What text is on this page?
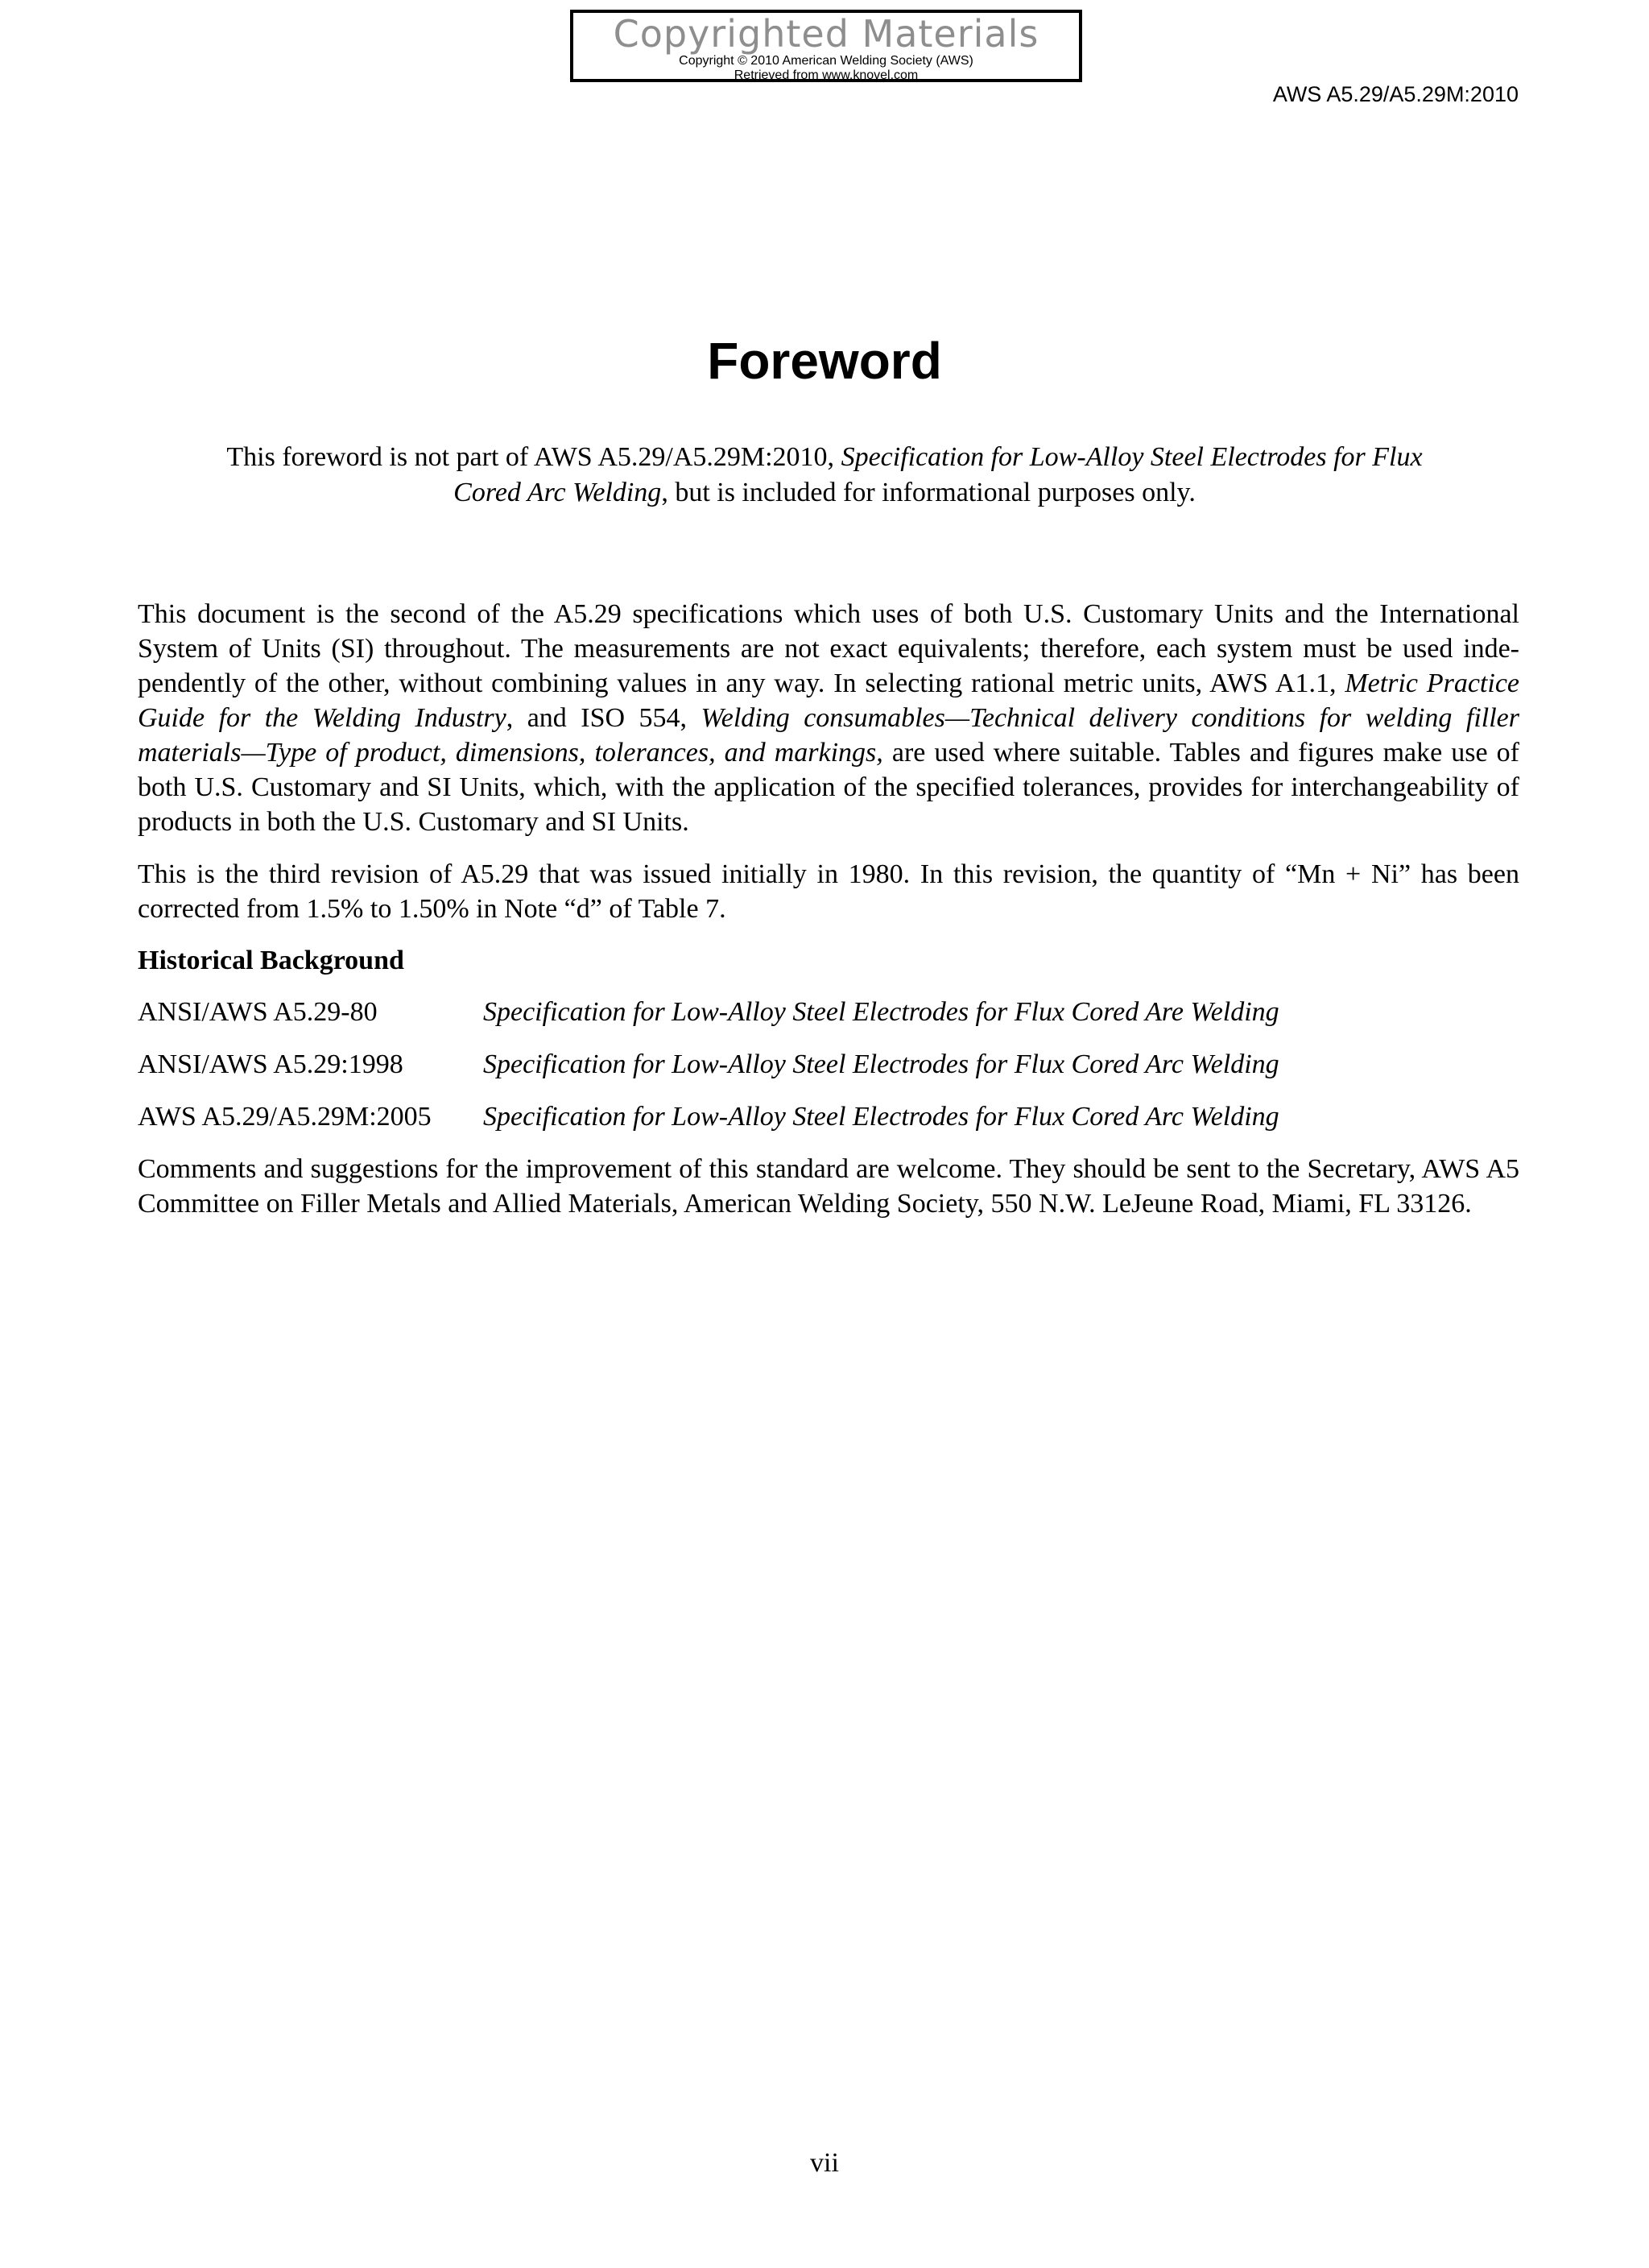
Copyrighted Materials
Copyright © 2010 American Welding Society (AWS)
Retrieved from www.knovel.com
AWS A5.29/A5.29M:2010
Foreword

This foreword is not part of AWS A5.29/A5.29M:2010, Specification for Low-Alloy Steel Electrodes for Flux Cored Arc Welding, but is included for informational purposes only.

This document is the second of the A5.29 specifications which uses of both U.S. Customary Units and the International System of Units (SI) throughout. The measurements are not exact equivalents; therefore, each system must be used independently of the other, without combining values in any way. In selecting rational metric units, AWS A1.1, Metric Practice Guide for the Welding Industry, and ISO 554, Welding consumables—Technical delivery conditions for welding filler materials—Type of product, dimensions, tolerances, and markings, are used where suitable. Tables and figures make use of both U.S. Customary and SI Units, which, with the application of the specified tolerances, provides for interchangeability of products in both the U.S. Customary and SI Units.

This is the third revision of A5.29 that was issued initially in 1980. In this revision, the quantity of “Mn + Ni” has been corrected from 1.5% to 1.50% in Note “d” of Table 7.

Historical Background

ANSI/AWS A5.29-80	Specification for Low-Alloy Steel Electrodes for Flux Cored Are Welding
ANSI/AWS A5.29:1998	Specification for Low-Alloy Steel Electrodes for Flux Cored Arc Welding
AWS A5.29/A5.29M:2005 Specification for Low-Alloy Steel Electrodes for Flux Cored Arc Welding

Comments and suggestions for the improvement of this standard are welcome. They should be sent to the Secretary, AWS A5 Committee on Filler Metals and Allied Materials, American Welding Society, 550 N.W. LeJeune Road, Miami, FL 33126.

vii
